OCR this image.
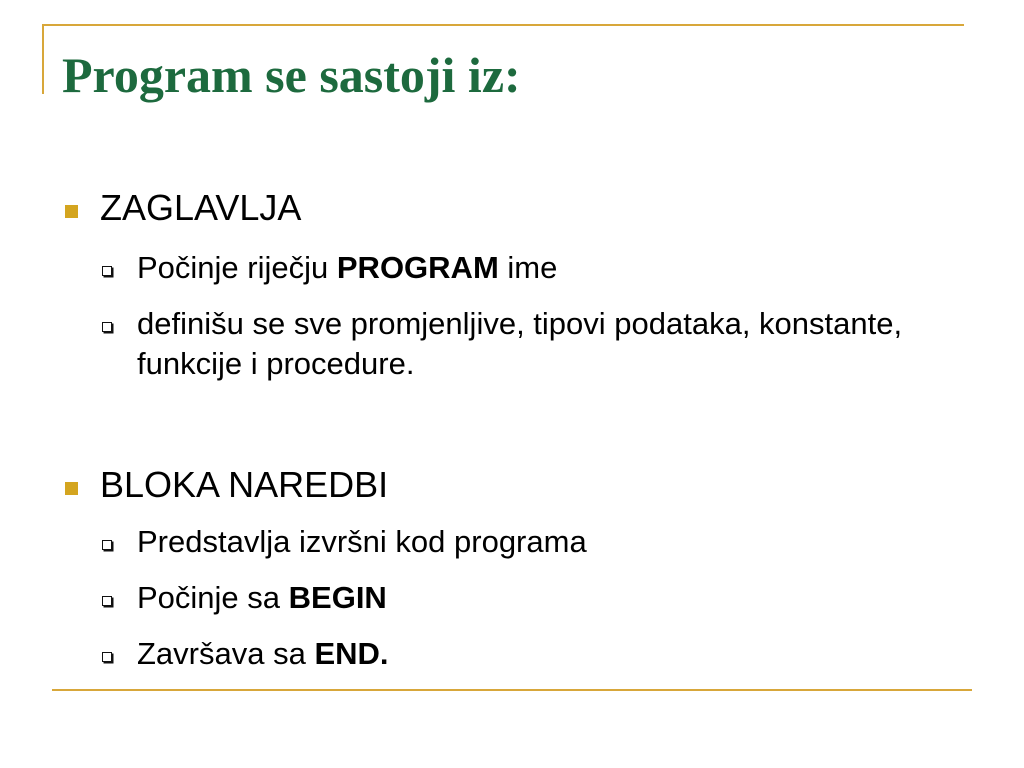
Program se sastoji iz:
ZAGLAVLJA
Počinje riječju PROGRAM ime
definišu se sve promjenljive, tipovi podataka, konstante, funkcije i procedure.
BLOKA NAREDBI
Predstavlja izvršni kod programa
Počinje sa BEGIN
Završava sa END.
